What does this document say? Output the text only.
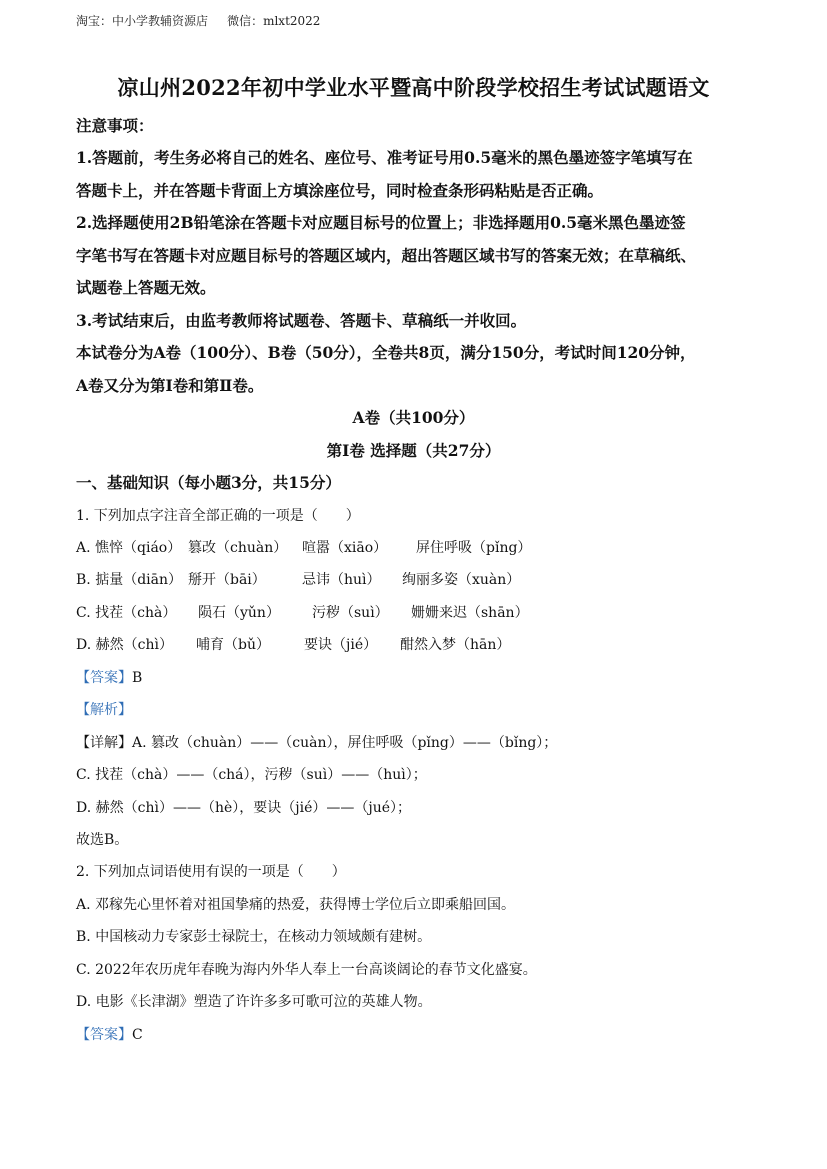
淘宝：中小学教辅资源店 微信：mlxt2022
凉山州2022年初中学业水平暨高中阶段学校招生考试试题语文
注意事项：
1.答题前，考生务必将自己的姓名、座位号、准考证号用0.5毫米的黑色墨迹签字笔填写在
答题卡上，并在答题卡背面上方填涂座位号，同时检查条形码粘贴是否正确。
2.选择题使用2B铅笔涂在答题卡对应题目标号的位置上；非选择题用0.5毫米黑色墨迹签
字笔书写在答题卡对应题目标号的答题区域内，超出答题区域书写的答案无效；在草稿纸、
试题卷上答题无效。
3.考试结束后，由监考教师将试题卷、答题卡、草稿纸一并收回。
本试卷分为A卷（100分）、B卷（50分），全卷共8页，满分150分，考试时间120分钟，
A卷又分为第Ⅰ卷和第Ⅱ卷。
A卷（共100分）
第Ⅰ卷 选择题（共27分）
一、基础知识（每小题3分，共15分）
1. 下列加点字注音全部正确的一项是（　　）
A. 憔悴（qiáo） 篡改（chuàn） 喧嚣（xiāo） 屏住呼吸（pǐng）
B. 掂量（diān） 掰开（bāi）	忌讳（huì） 绚丽多姿（xuàn）
C. 找茬（chà） 陨石（yǔn） 污秽（suì） 姗姗来迟（shān）
D. 赫然（chì） 哺育（bǔ） 要诀（jié） 酣然入梦（hān）
【答案】B
【解析】
【详解】A. 篡改（chuàn）——（cuàn），屏住呼吸（pǐng）——（bǐng）；
C. 找茬（chà）——（chá），污秽（suì）——（huì）；
D. 赫然（chì）——（hè），要诀（jié）——（jué）；
故选B。
2. 下列加点词语使用有误的一项是（　　）
A. 邓稼先心里怀着对祖国挚痛的热爱，获得博士学位后立即乘船回国。
B. 中国核动力专家彭士禄院士，在核动力领域颇有建树。
C. 2022年农历虎年春晚为海内外华人奉上一台高谈阔论的春节文化盛宴。
D. 电影《长津湖》塑造了许许多多可歌可泣的英雄人物。
【答案】C
